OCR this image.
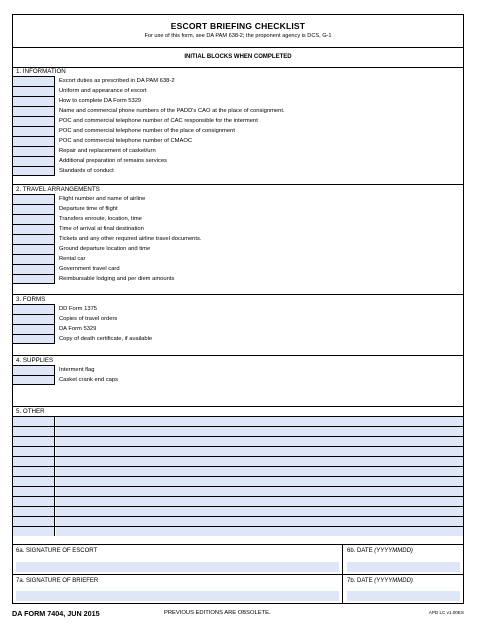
ESCORT BRIEFING CHECKLIST
For use of this form, see DA PAM 638-2; the proponent agency is DCS, G-1
INITIAL BLOCKS WHEN COMPLETED
1. INFORMATION
Escort duties as prescribed in DA PAM 638-2
Uniform and appearance of escort
How to complete DA Form 5329
Name and commercial phone numbers of the PADD's CAO at the place of consignment.
POC and commercial telephone number of CAC responsible for the interment
POC and commercial telephone number of the place of consignment
POC and commercial telephone number of CMAOC
Repair and replacement of casket/urn
Additional preparation of remains services
Standards of conduct
2. TRAVEL ARRANGEMENTS
Flight number and name of airline
Departure time of flight
Transfers enroute, location, time
Time of arrival at final destination
Tickets and any other required airline travel documents.
Ground departure location and time
Rental car
Government travel card
Reimbursable lodging and per diem amounts
3. FORMS
DD Form 1375
Copies of travel orders
DA Form 5329
Copy of death certificate, if available
4. SUPPLIES
Interment flag
Casket crank end caps
5. OTHER
6a. SIGNATURE OF ESCORT	6b. DATE (YYYYMMDD)
7a. SIGNATURE OF BRIEFER	7b. DATE (YYYYMMDD)
DA FORM 7404, JUN 2015	PREVIOUS EDITIONS ARE OBSOLETE.	APD LC v1.00ES
